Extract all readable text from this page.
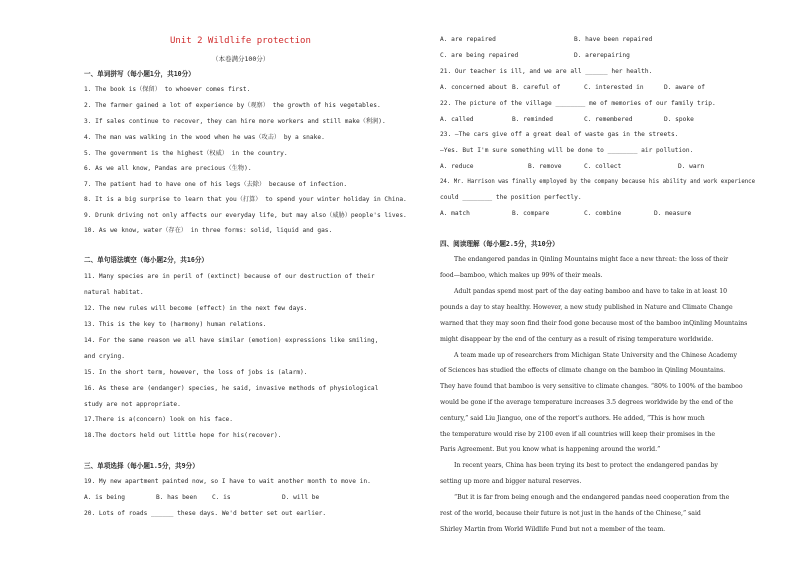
Unit 2 Wildlife protection
（本卷满分100分）
一、单词拼写（每小题1分，共10分）
1. The book is（保留） to whoever comes first.
2. The farmer gained a lot of experience by（观察） the growth of his vegetables.
3. If sales continue to recover, they can hire more workers and still make（利润).
4. The man was walking in the wood when he was（攻击） by a snake.
5. The government is the highest（权威） in the country.
6. As we all know, Pandas are precious（生物).
7. The patient had to have one of his legs（去除） because of infection.
8. It is a big surprise to learn that you（打算） to spend your winter holiday in China.
9. Drunk driving not only affects our everyday life, but may also（威胁）people's lives.
10. As we know, water（存在） in three forms: solid, liquid and gas.
二、单句语法填空（每小题2分，共16分）
11. Many species are in peril of (extinct) because of our destruction of their
natural habitat.
12. The new rules will become (effect) in the next few days.
13. This is the key to (harmony) human relations.
14. For the same reason we all have similar (emotion) expressions like smiling,
and crying.
15. In the short term, however, the loss of jobs is (alarm).
16. As these are (endanger) species, he said, invasive methods of physiological
study are not appropriate.
17.There is a(concern) look on his face.
18.The doctors held out little hope for his(recover).
三、单项选择（每小题1.5分，共9分）
19. My new apartment painted now, so I have to wait another month to move in.
A. is being	B. has been C. is	D. will be
20. Lots of roads ______ these days. We'd better set out earlier.
A. are repaired	B. have been repaired
C. are being repaired	D. arerepairing
21. Our teacher is ill, and we are all ______ her health.
A. concerned about B. careful of	C. interested in	D. aware of
22. The picture of the village ________ me of memories of our family trip.
A. called	B. reminded	C. remembered	D. spoke
23. —The cars give off a great deal of waste gas in the streets.
—Yes. But I'm sure something will be done to ________ air pollution.
A. reduce	B. remove	C. collect	D. warn
24. Mr. Harrison was finally employed by the company because his ability and work experience
could ________ the position perfectly.
A. match	B. compare	C. combine	D. measure
四、阅读理解（每小题2.5分，共10分）
The endangered pandas in Qinling Mountains might face a new threat: the loss of their
food—bamboo, which makes up 99% of their meals.
Adult pandas spend most part of the day eating bamboo and have to take in at least 10
pounds a day to stay healthy. However, a new study published in Nature and Climate Change
warned that they may soon find their food gone because most of the bamboo inQinling Mountains
might disappear by the end of the century as a result of rising temperature worldwide.
A team made up of researchers from Michigan State University and the Chinese Academy
of Sciences has studied the effects of climate change on the bamboo in Qinling Mountains.
They have found that bamboo is very sensitive to climate changes. “80% to 100% of the bamboo
would be gone if the average temperature increases 3.5 degrees worldwide by the end of the
century,” said Liu Jianguo, one of the report's authors. He added, “This is how much
the temperature would rise by 2100 even if all countries will keep their promises in the
Paris Agreement. But you know what is happening around the world.”
In recent years, China has been trying its best to protect the endangered pandas by
setting up more and bigger natural reserves.
“But it is far from being enough and the endangered pandas need cooperation from the
rest of the world, because their future is not just in the hands of the Chinese,” said
Shirley Martin from World Wildlife Fund but not a member of the team.
